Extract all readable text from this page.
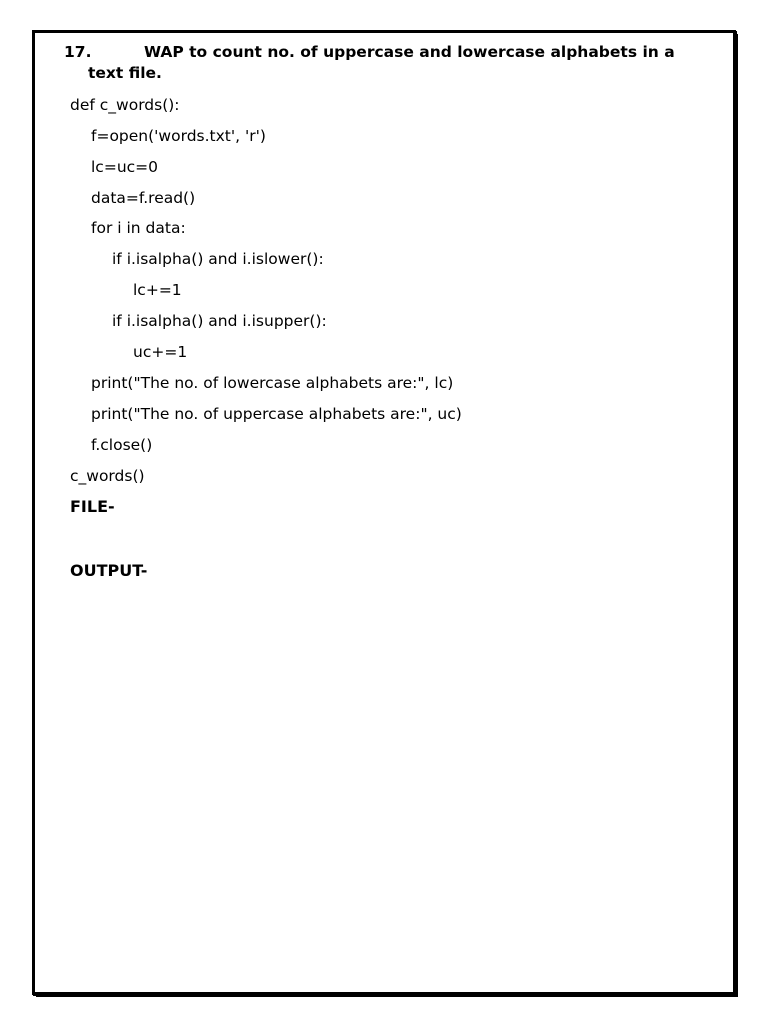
17.	WAP to count no. of uppercase and lowercase alphabets in a
text file.
def c_words():
f=open('words.txt', 'r')
lc=uc=0
data=f.read()
for i in data:
if i.isalpha() and i.islower():
lc+=1
if i.isalpha() and i.isupper():
uc+=1
print("The no. of lowercase alphabets are:", lc)
print("The no. of uppercase alphabets are:", uc)
f.close()
c_words()
FILE-
OUTPUT-
